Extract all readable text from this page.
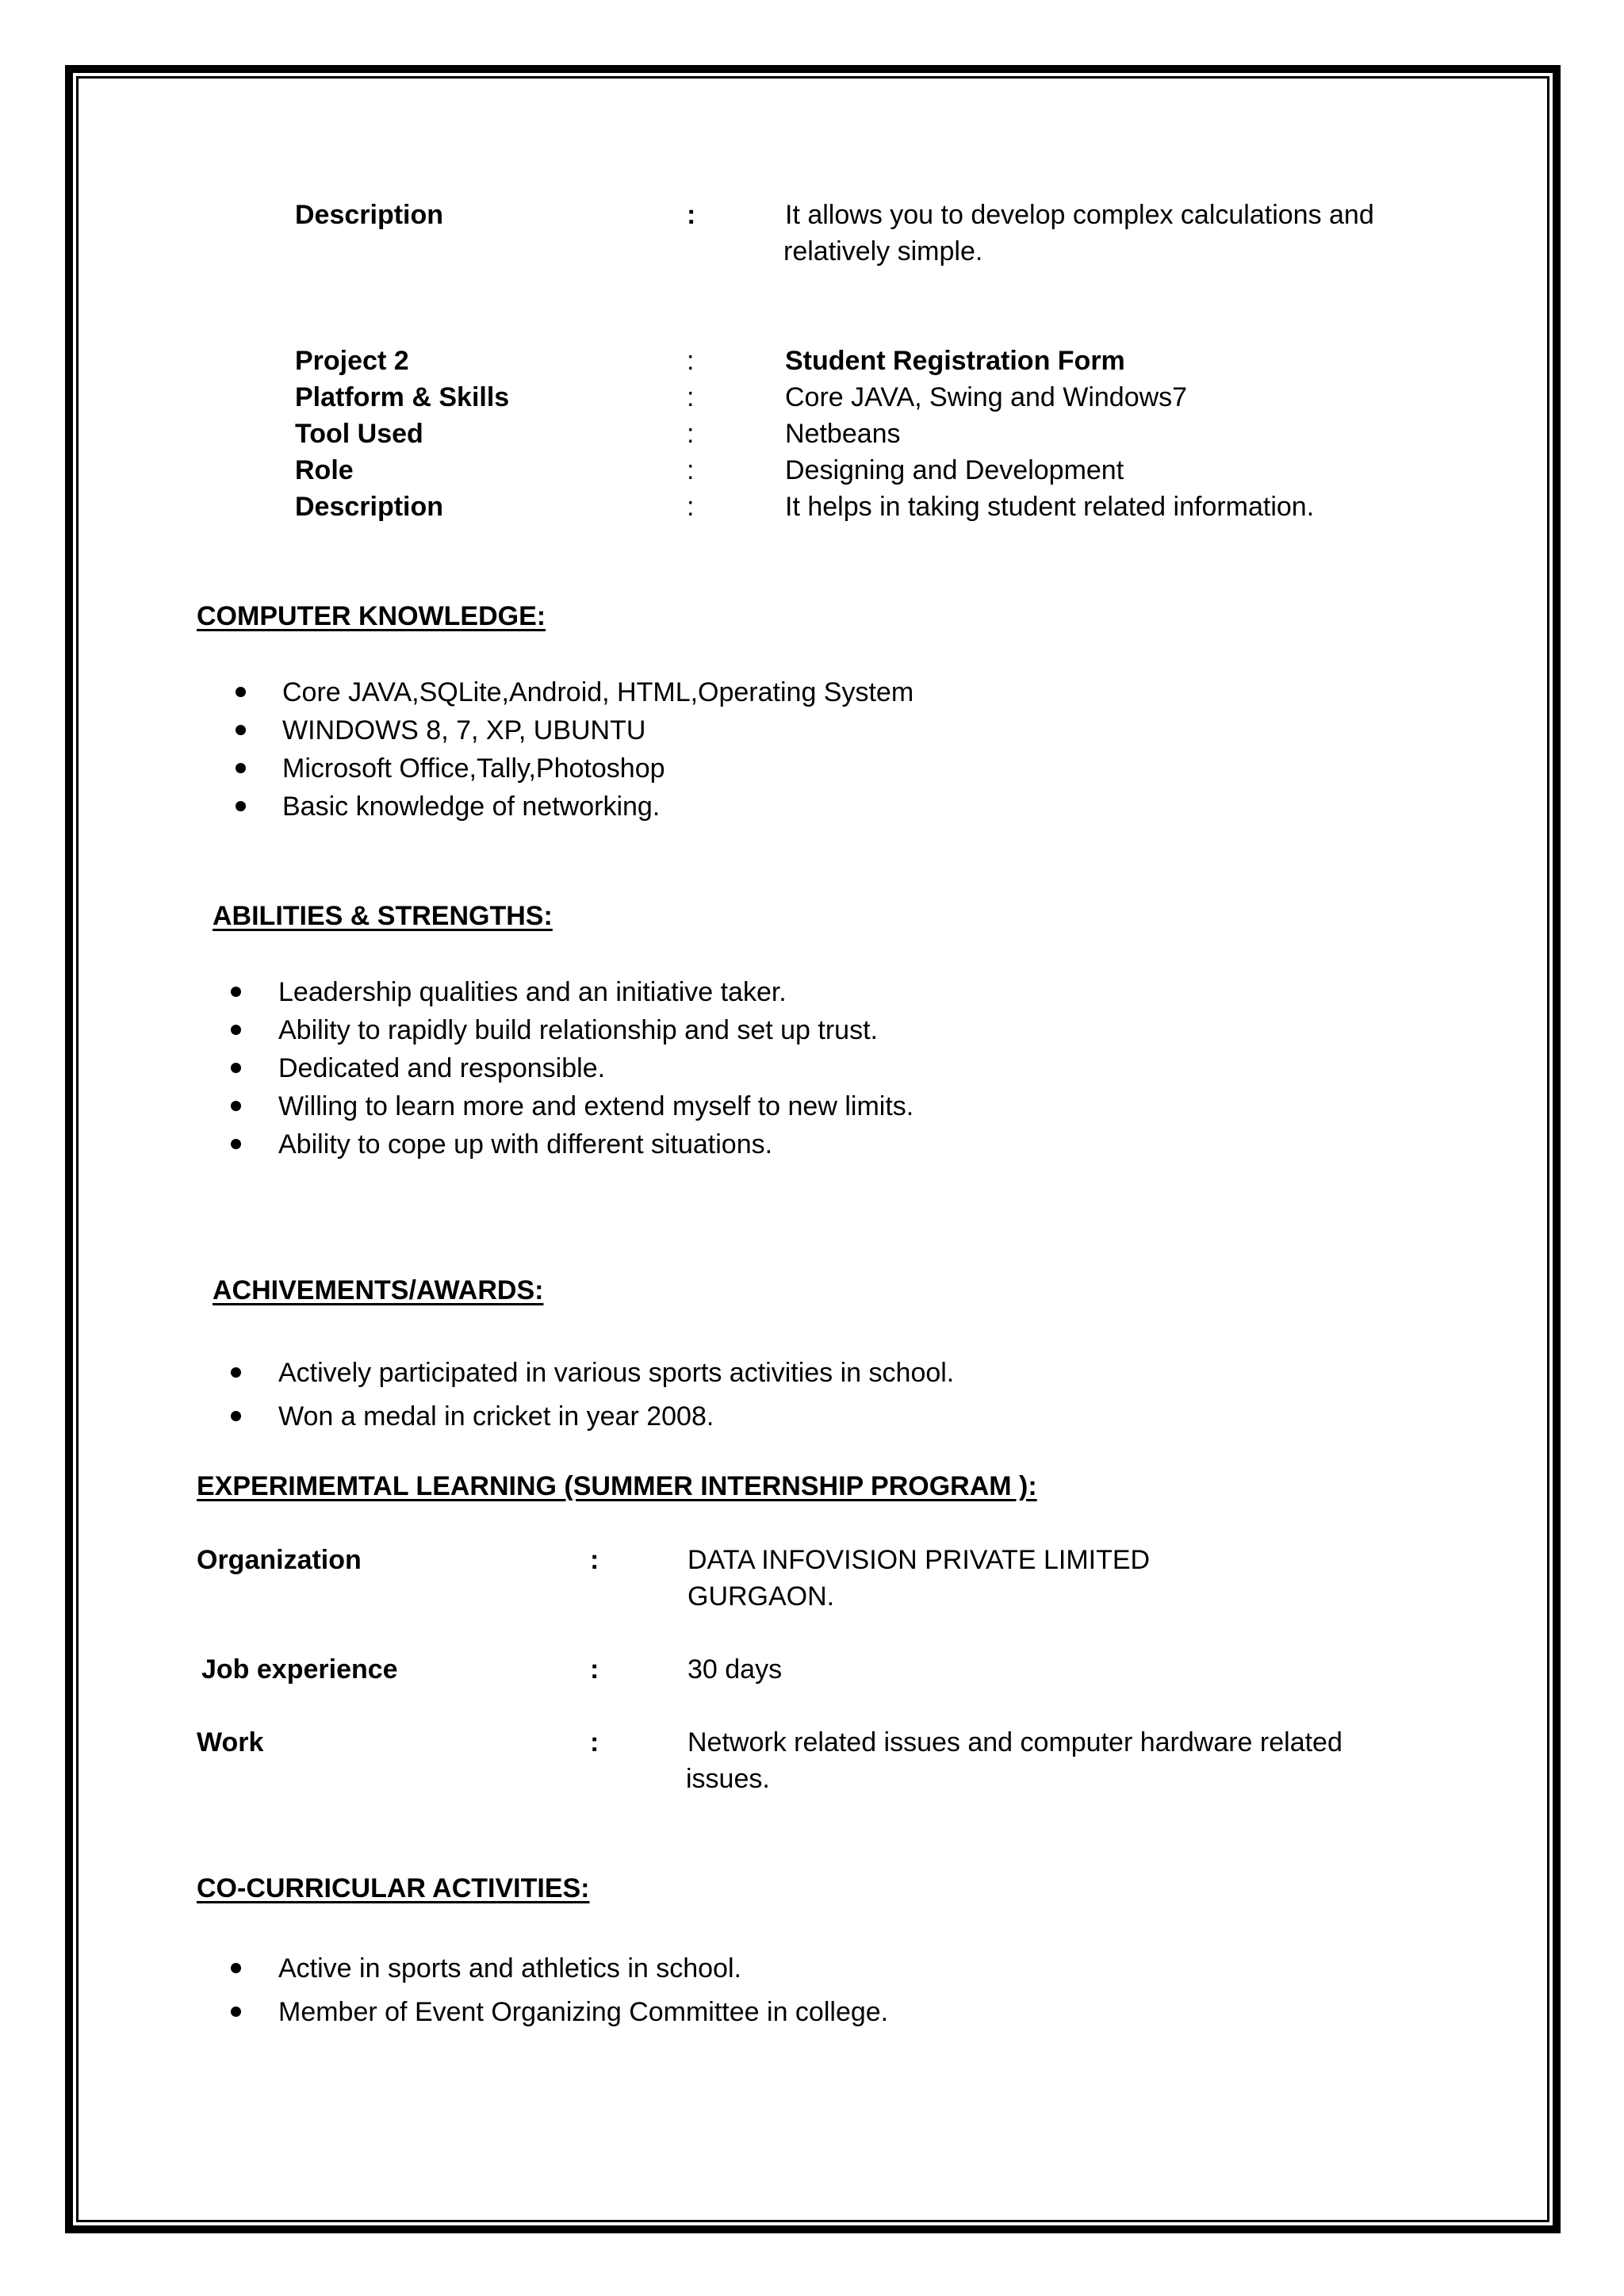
Description	:	It allows you to develop complex calculations and
relatively simple.
Project 2	:	Student Registration Form
Platform & Skills	:	Core JAVA, Swing and Windows7
Tool Used	:	Netbeans
Role	:	Designing and Development
Description	:	It helps in taking student related information.
COMPUTER KNOWLEDGE:
Core JAVA,SQLite,Android, HTML,Operating System
WINDOWS 8, 7, XP, UBUNTU
Microsoft Office,Tally,Photoshop
Basic knowledge of networking.
ABILITIES & STRENGTHS:
Leadership qualities and an initiative taker.
Ability to rapidly build relationship and set up trust.
Dedicated and responsible.
Willing to learn more and extend myself to new limits.
Ability to cope up with different situations.
ACHIVEMENTS/AWARDS:
Actively participated in various sports activities in school.
Won a medal in cricket in year 2008.
EXPERIMEMTAL LEARNING (SUMMER INTERNSHIP PROGRAM ):
Organization	:	DATA INFOVISION PRIVATE LIMITED
GURGAON.
Job experience	:	30 days
Work	:	Network related issues and computer hardware related
issues.
CO-CURRICULAR ACTIVITIES:
Active in sports and athletics in school.
Member of Event Organizing Committee in college.
